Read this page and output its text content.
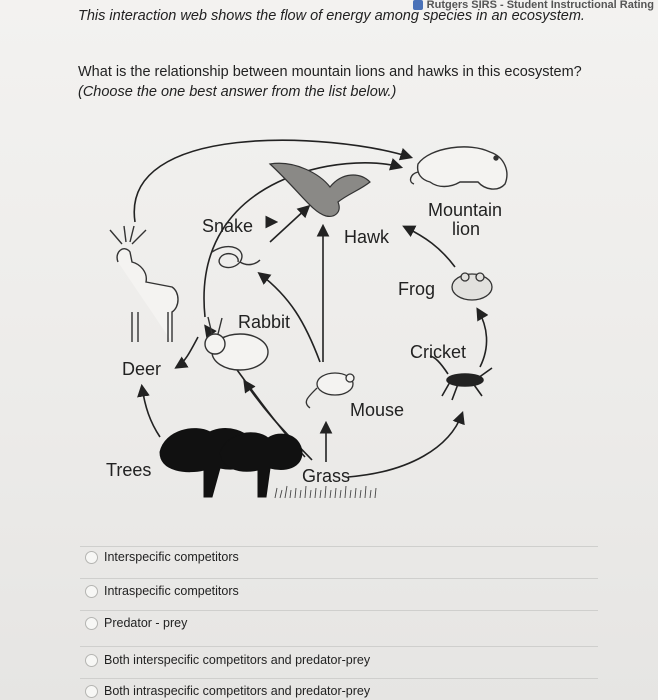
Rutgers SIRS - Student Instructional Rating
This interaction web shows the flow of energy among species in an ecosystem.
What is the relationship between mountain lions and hawks in this ecosystem?
(Choose the one best answer from the list below.)
Mountain
lion
Snake
Hawk
Frog
Rabbit
Cricket
Deer
Mouse
Trees	Grass
Interspecific competitors
Intraspecific competitors
Predator - prey
Both interspecific competitors and predator-prey
Both intraspecific competitors and predator-prey
